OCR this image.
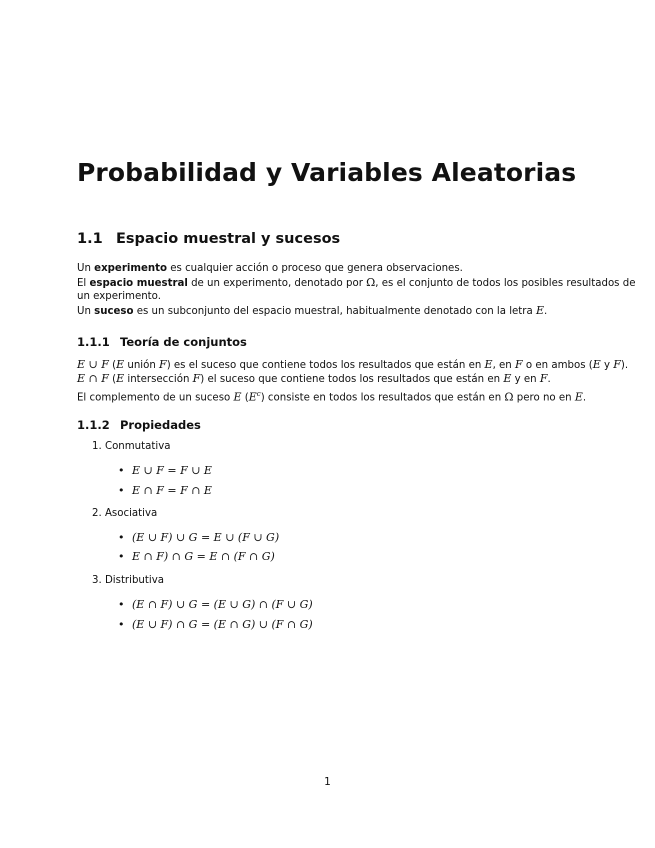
Probabilidad y Variables Aleatorias
1.1 Espacio muestral y sucesos
Un experimento es cualquier acción o proceso que genera observaciones.
El espacio muestral de un experimento, denotado por Ω, es el conjunto de todos los posibles resultados de
un experimento.
Un suceso es un subconjunto del espacio muestral, habitualmente denotado con la letra E.
1.1.1 Teoría de conjuntos
E ∪ F (E unión F) es el suceso que contiene todos los resultados que están en E, en F o en ambos (E y F).
E ∩ F (E intersección F) el suceso que contiene todos los resultados que están en E y en F.
El complemento de un suceso E $(E^c)$ consiste en todos los resultados que están en Ω pero no en E.
1.1.2 Propiedades
1. Conmutativa
• E ∪ F = F ∪ E
• E ∩ F = F ∩ E
2. Asociativa
• (E ∪ F) ∪ G = E ∪ (F ∪ G)
• E ∩ F) ∩ G = E ∩ (F ∩ G)
3. Distributiva
• (E ∩ F) ∪ G = (E ∪ G) ∩ (F ∪ G)
• (E ∪ F) ∩ G = (E ∩ G) ∪ (F ∩ G)
1
